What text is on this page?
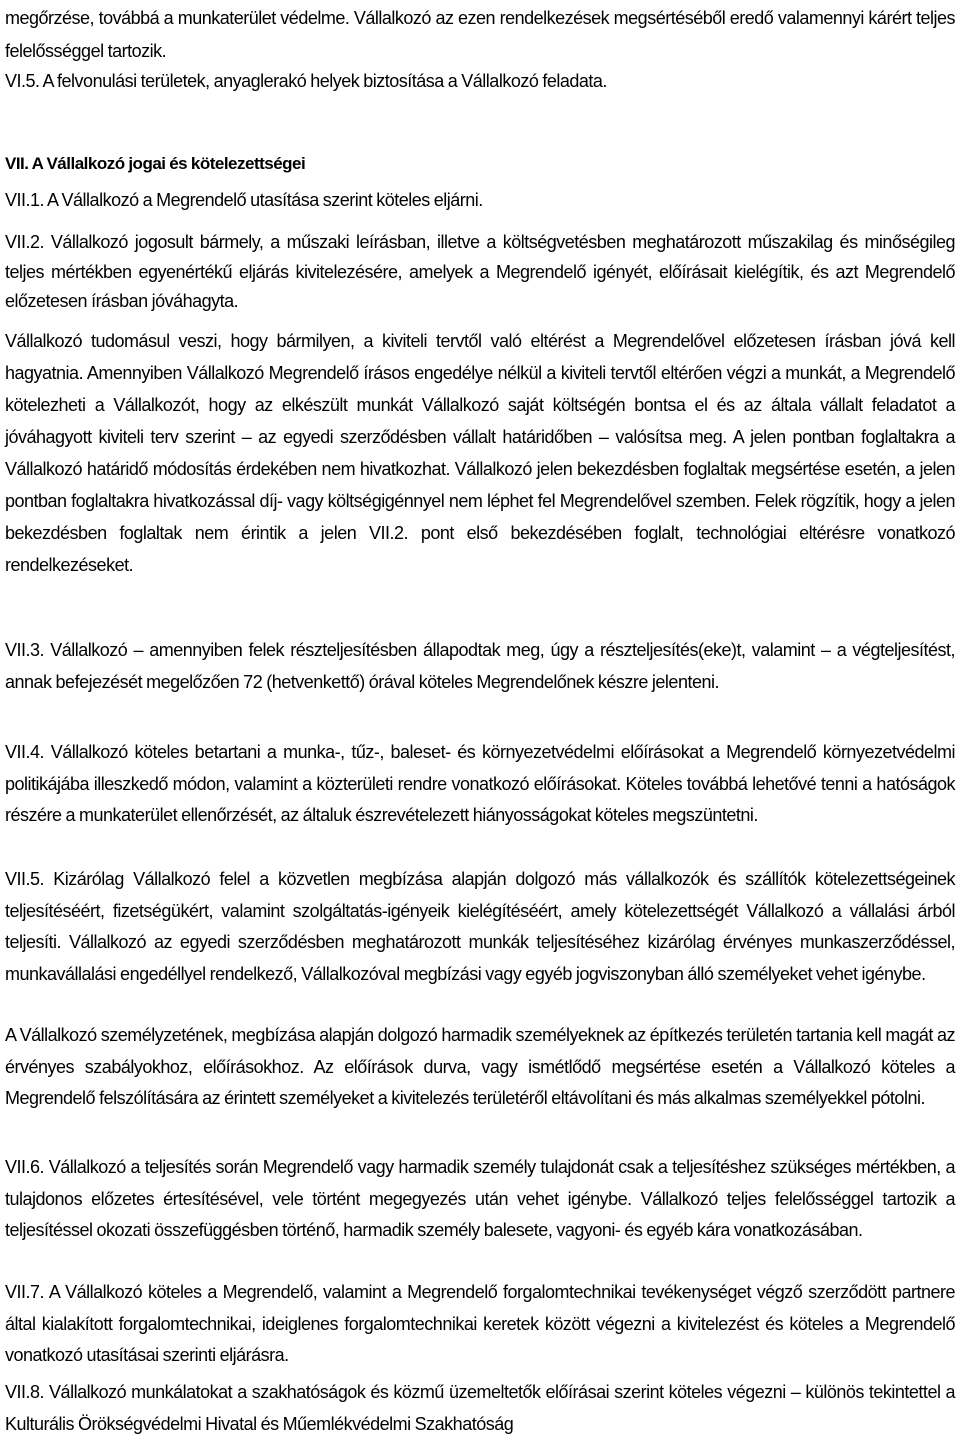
megőrzése, továbbá a munkaterület védelme. Vállalkozó az ezen rendelkezések megsértéséből eredő valamennyi kárért teljes felelősséggel tartozik.

VI.5. A felvonulási területek, anyaglerakó helyek biztosítása a Vállalkozó feladata.

VII. A Vállalkozó jogai és kötelezettségei

VII.1. A Vállalkozó a Megrendelő utasítása szerint köteles eljárni.

VII.2. Vállalkozó jogosult bármely, a műszaki leírásban, illetve a költségvetésben meghatározott műszakilag és minőségileg teljes mértékben egyenértékű eljárás kivitelezésére, amelyek a Megrendelő igényét, előírásait kielégítik, és azt Megrendelő előzetesen írásban jóváhagyta.

Vállalkozó tudomásul veszi, hogy bármilyen, a kiviteli tervtől való eltérést a Megrendelővel előzetesen írásban jóvá kell hagyatnia. Amennyiben Vállalkozó Megrendelő írásos engedélye nélkül a kiviteli tervtől eltérően végzi a munkát, a Megrendelő kötelezheti a Vállalkozót, hogy az elkészült munkát Vállalkozó saját költségén bontsa el és az általa vállalt feladatot a jóváhagyott kiviteli terv szerint – az egyedi szerződésben vállalt határidőben – valósítsa meg. A jelen pontban foglaltakra a Vállalkozó határidő módosítás érdekében nem hivatkozhat. Vállalkozó jelen bekezdésben foglaltak megsértése esetén, a jelen pontban foglaltakra hivatkozással díj- vagy költségigénnyel nem léphet fel Megrendelővel szemben. Felek rögzítik, hogy a jelen bekezdésben foglaltak nem érintik a jelen VII.2. pont első bekezdésében foglalt, technológiai eltérésre vonatkozó rendelkezéseket.

VII.3. Vállalkozó – amennyiben felek részteljesítésben állapodtak meg, úgy a részteljesítés(eke)t, valamint – a végteljesítést, annak befejezését megelőzően 72 (hetvenkettő) órával köteles Megrendelőnek készre jelenteni.

VII.4. Vállalkozó köteles betartani a munka-, tűz-, baleset- és környezetvédelmi előírásokat a Megrendelő környezetvédelmi politikájába illeszkedő módon, valamint a közterületi rendre vonatkozó előírásokat. Köteles továbbá lehetővé tenni a hatóságok részére a munkaterület ellenőrzését, az általuk észrevételezett hiányosságokat köteles megszüntetni.

VII.5. Kizárólag Vállalkozó felel a közvetlen megbízása alapján dolgozó más vállalkozók és szállítók kötelezettségeinek teljesítéséért, fizetségükért, valamint szolgáltatás-igényeik kielégítéséért, amely kötelezettségét Vállalkozó a vállalási árból teljesíti. Vállalkozó az egyedi szerződésben meghatározott munkák teljesítéséhez kizárólag érvényes munkaszerződéssel, munkavállalási engedéllyel rendelkező, Vállalkozóval megbízási vagy egyéb jogviszonyban álló személyeket vehet igénybe.

A Vállalkozó személyzetének, megbízása alapján dolgozó harmadik személyeknek az építkezés területén tartania kell magát az érvényes szabályokhoz, előírásokhoz. Az előírások durva, vagy ismétlődő megsértése esetén a Vállalkozó köteles a Megrendelő felszólítására az érintett személyeket a kivitelezés területéről eltávolítani és más alkalmas személyekkel pótolni.

VII.6. Vállalkozó a teljesítés során Megrendelő vagy harmadik személy tulajdonát csak a teljesítéshez szükséges mértékben, a tulajdonos előzetes értesítésével, vele történt megegyezés után vehet igénybe. Vállalkozó teljes felelősséggel tartozik a teljesítéssel okozati összefüggésben történő, harmadik személy balesete, vagyoni- és egyéb kára vonatkozásában.

VII.7. A Vállalkozó köteles a Megrendelő, valamint a Megrendelő forgalomtechnikai tevékenységet végző szerződött partnere által kialakított forgalomtechnikai, ideiglenes forgalomtechnikai keretek között végezni a kivitelezést és köteles a Megrendelő vonatkozó utasításai szerinti eljárásra.

VII.8. Vállalkozó munkálatokat a szakhatóságok és közmű üzemeltetők előírásai szerint köteles végezni – különös tekintettel a Kulturális Örökségvédelmi Hivatal és Műemlékvédelmi Szakhatóság
